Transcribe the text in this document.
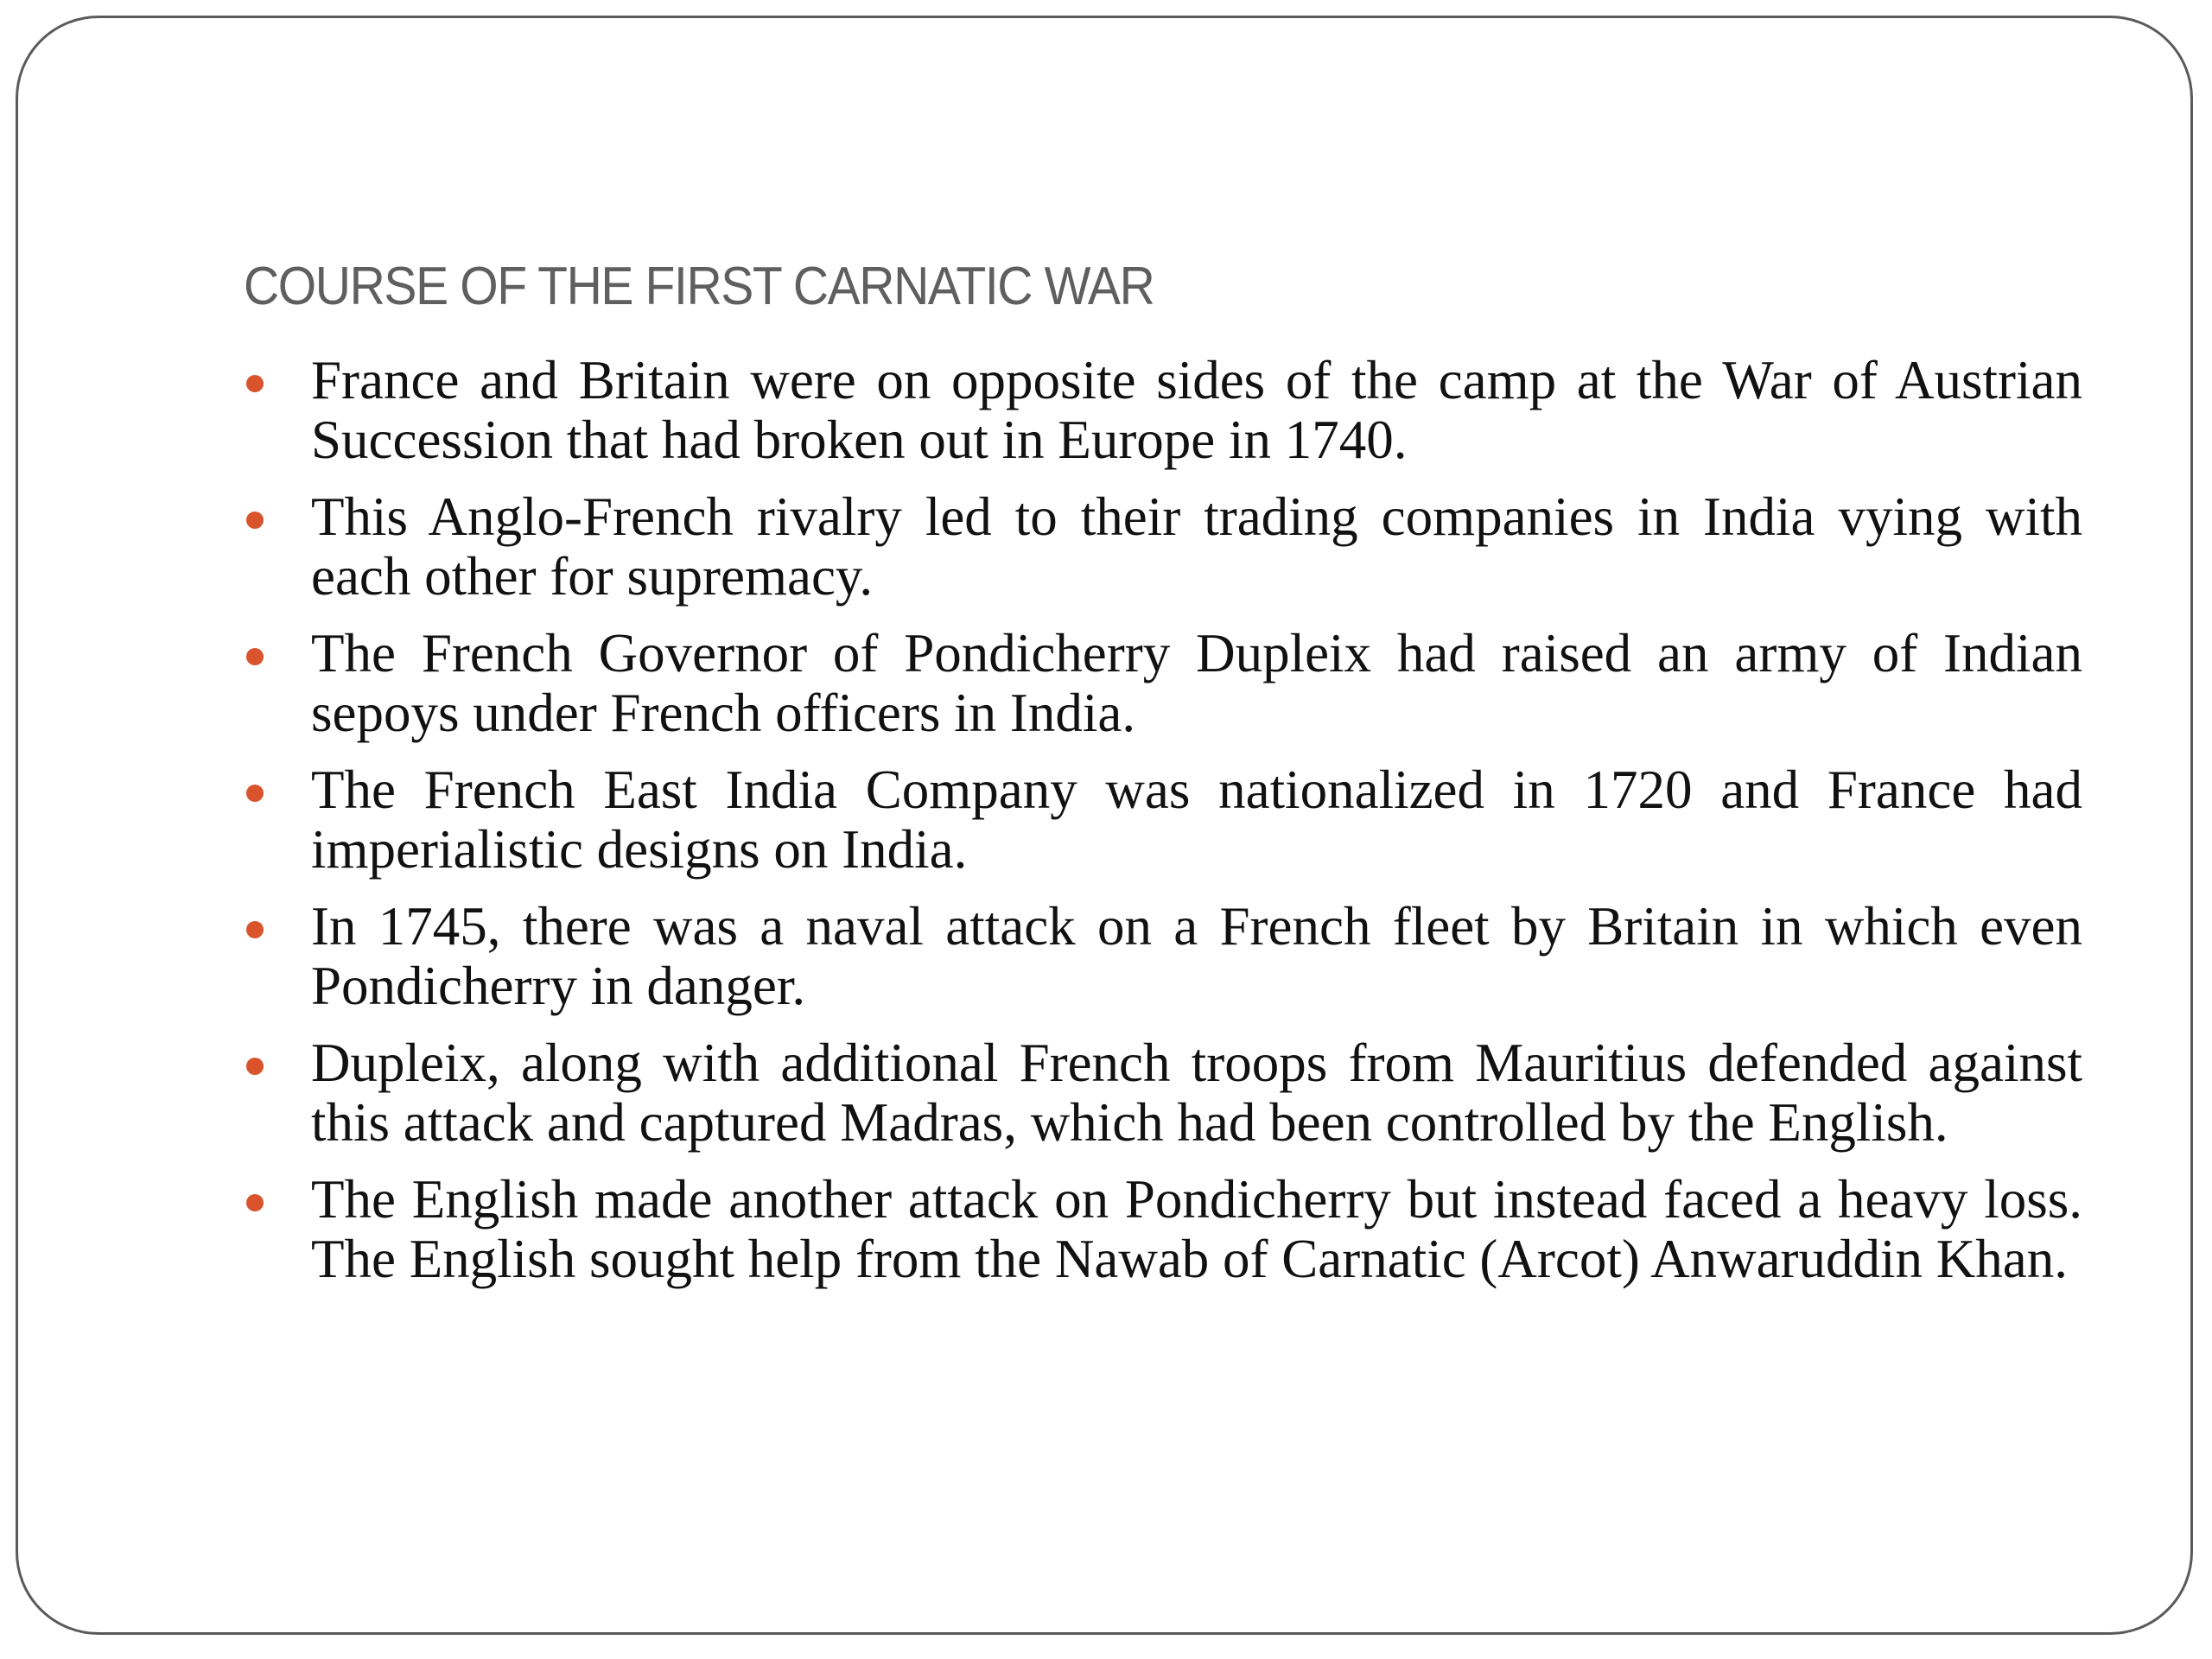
COURSE OF THE FIRST CARNATIC WAR
France and Britain were on opposite sides of the camp at the War of Austrian Succession that had broken out in Europe in 1740.
This Anglo-French rivalry led to their trading companies in India vying with each other for supremacy.
The French Governor of Pondicherry Dupleix had raised an army of Indian sepoys under French officers in India.
The French East India Company was nationalized in 1720 and France had imperialistic designs on India.
In 1745, there was a naval attack on a French fleet by Britain in which even Pondicherry in danger.
Dupleix, along with additional French troops from Mauritius defended against this attack and captured Madras, which had been controlled by the English.
The English made another attack on Pondicherry but instead faced a heavy loss. The English sought help from the Nawab of Carnatic (Arcot) Anwaruddin Khan.
